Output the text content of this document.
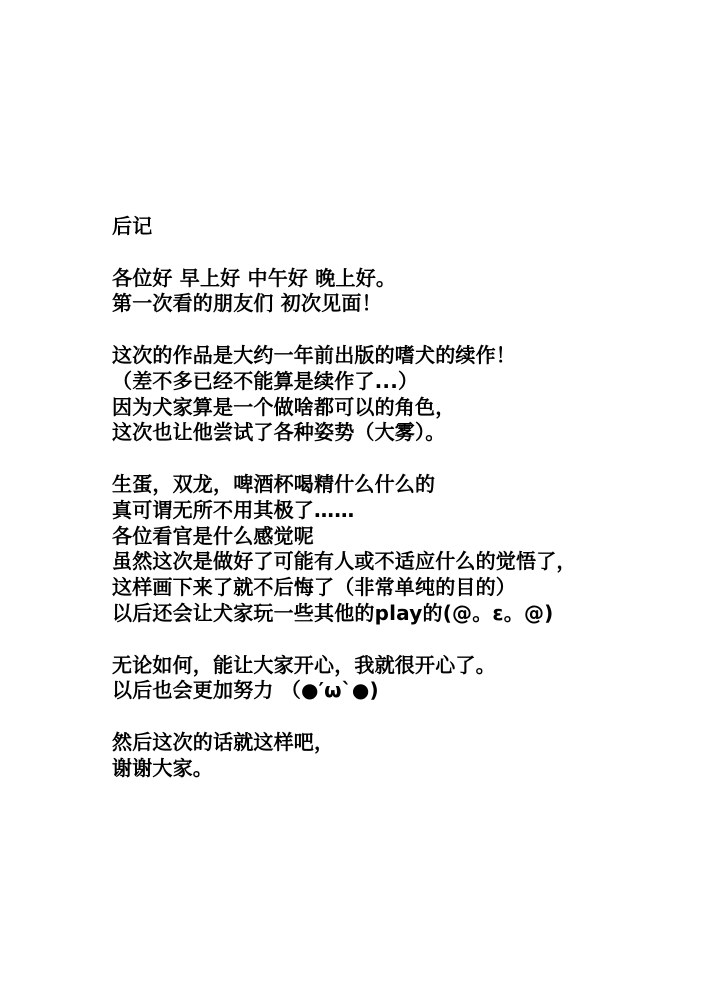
后记
各位好 早上好 中午好 晚上好。
第一次看的朋友们 初次见面！
这次的作品是大约一年前出版的嗜犬的续作！
（差不多已经不能算是续作了...）
因为犬家算是一个做啥都可以的角色，
这次也让他尝试了各种姿势（大雾）。
生蛋，双龙，啤酒杯喝精什么什么的
真可谓无所不用其极了……
各位看官是什么感觉呢
虽然这次是做好了可能有人或不适应什么的觉悟了，
这样画下来了就不后悔了（非常单纯的目的）
以后还会让犬家玩一些其他的play的(@。ε。@)
无论如何，能让大家开心，我就很开心了。
以后也会更加努力 （●′ω`●)
然后这次的话就这样吧，
谢谢大家。
